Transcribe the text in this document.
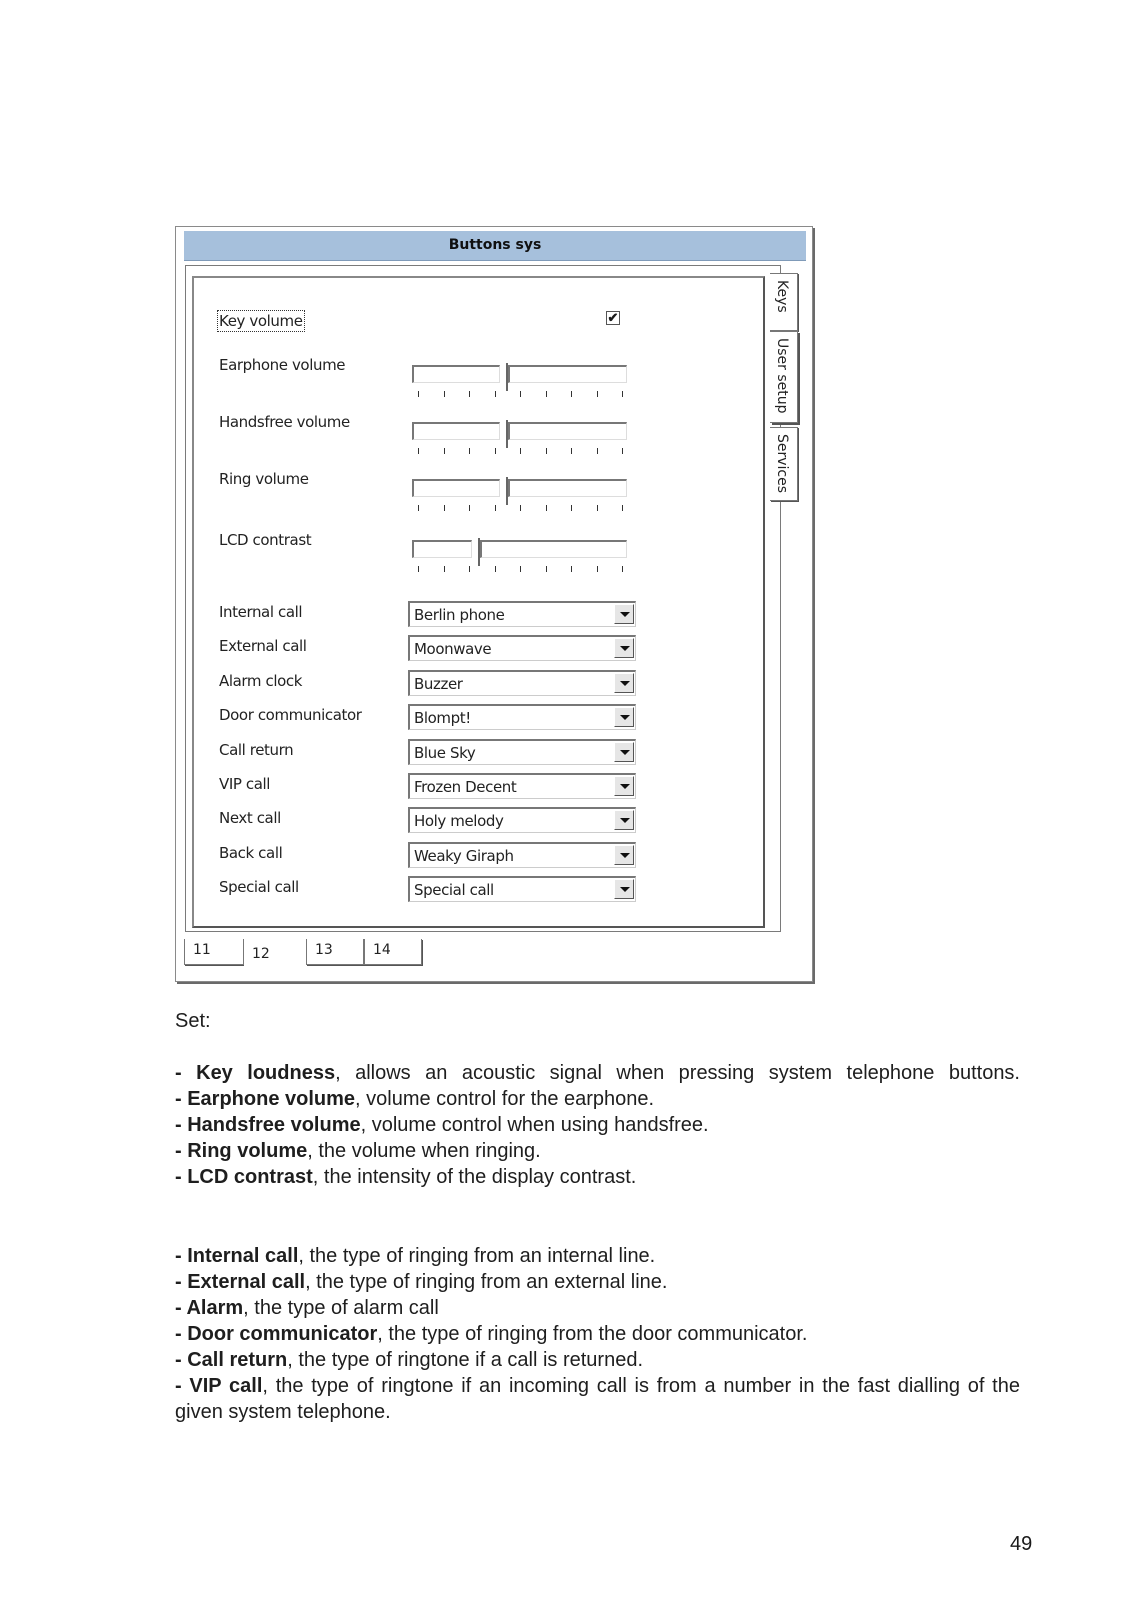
Buttons sys
Key volume	✔
Earphone volume
Handsfree volume
Ring volume
LCD contrast
Internal call	Berlin phone
External call	Moonwave
Alarm clock	Buzzer
Door communicator	Blompt!
Call return	Blue Sky
VIP call	Frozen Decent
Next call	Holy melody
Back call	Weaky Giraph
Special call	Special call
Keys
User setup
Services
11	12	13	14

Set:

- Key loudness, allows an acoustic signal when pressing system telephone buttons.

- Earphone volume, volume control for the earphone.

- Handsfree volume, volume control when using handsfree.

- Ring volume, the volume when ringing.

- LCD contrast, the intensity of the display contrast.

- Internal call, the type of ringing from an internal line.

- External call, the type of ringing from an external line.

- Alarm, the type of alarm call

- Door communicator, the type of ringing from the door communicator.

- Call return, the type of ringtone if a call is returned.

- VIP call, the type of ringtone if an incoming call is from a number in the fast dialling of the given system telephone.

49
